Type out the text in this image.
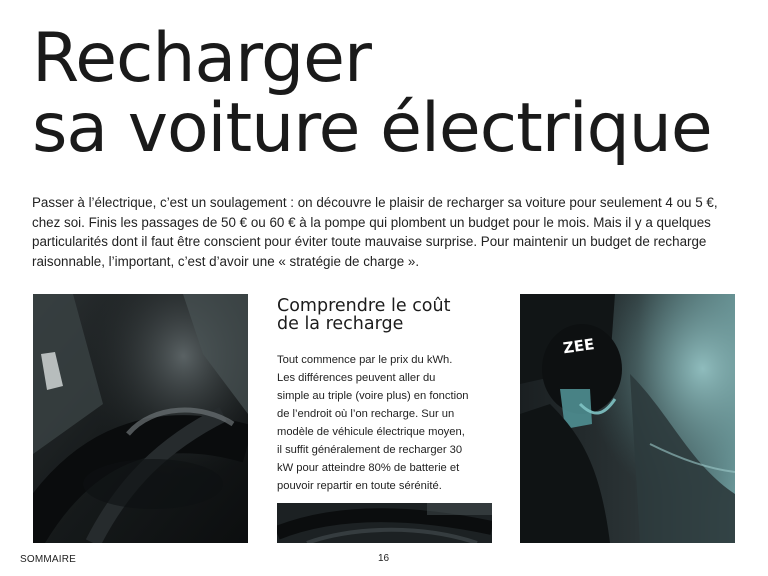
Recharger
sa voiture électrique

Passer à l’électrique, c’est un soulagement : on découvre le plaisir de recharger sa voiture pour seulement 4 ou 5 €, chez soi. Finis les passages de 50 € ou 60 € à la pompe qui plombent un budget pour le mois. Mais il y a quelques particularités dont il faut être conscient pour éviter toute mauvaise surprise. Pour maintenir un budget de recharge raisonnable, l’important, c’est d’avoir une « stratégie de charge ».

Comprendre le coût
de la recharge
Tout commence par le prix du kWh.
Les différences peuvent aller du
simple au triple (voire plus) en fonction
de l’endroit où l’on recharge. Sur un
modèle de véhicule électrique moyen,
il suffit généralement de recharger 30
kW pour atteindre 80% de batterie et
pouvoir repartir en toute sérénité.
ZEE
SOMMAIRE	16
